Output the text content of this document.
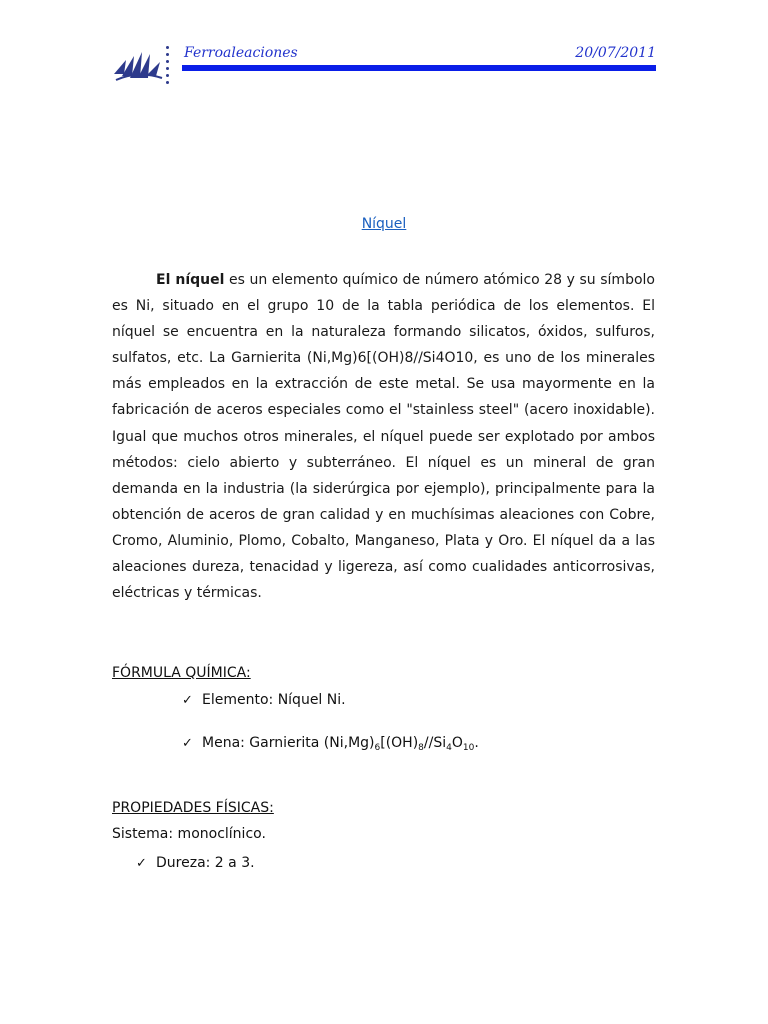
Ferroaleaciones	20/07/2011
Níquel

El níquel es un elemento químico de número atómico 28 y su símbolo es Ni, situado en el grupo 10 de la tabla periódica de los elementos. El níquel se encuentra en la naturaleza formando silicatos, óxidos, sulfuros, sulfatos, etc. La Garnierita (Ni,Mg)6[(OH)8//Si4O10, es uno de los minerales más empleados en la extracción de este metal. Se usa mayormente en la fabricación de aceros especiales como el "stainless steel" (acero inoxidable). Igual que muchos otros minerales, el níquel puede ser explotado por ambos métodos: cielo abierto y subterráneo. El níquel es un mineral de gran demanda en la industria (la siderúrgica por ejemplo), principalmente para la obtención de aceros de gran calidad y en muchísimas aleaciones con Cobre, Cromo, Aluminio, Plomo, Cobalto, Manganeso, Plata y Oro. El níquel da a las aleaciones dureza, tenacidad y ligereza, así como cualidades anticorrosivas, eléctricas y térmicas.

FÓRMULA QUÍMICA:
✓ Elemento: Níquel Ni.
✓ Mena: Garnierita $(Ni,Mg)_6[(OH)_8//Si_4O_{10}$.
PROPIEDADES FÍSICAS:
Sistema: monoclínico.
✓ Dureza: 2 a 3.
